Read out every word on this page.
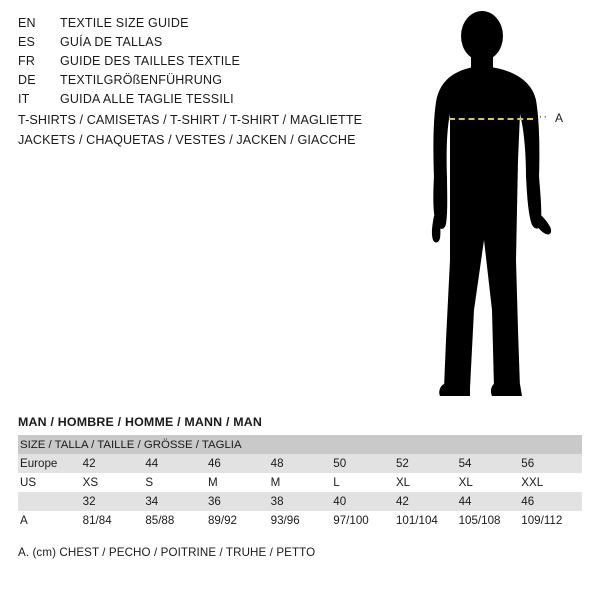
EN	TEXTILE SIZE GUIDE
ES	GUÍA DE TALLAS
FR	GUIDE DES TAILLES TEXTILE
DE	TEXTILGRÖßENFÜHRUNG
IT	GUIDA ALLE TAGLIE TESSILI
T-SHIRTS / CAMISETAS / T-SHIRT / T-SHIRT / MAGLIETTE
JACKETS / CHAQUETAS / VESTES / JACKEN / GIACCHE
··· A
MAN / HOMBRE / HOMME / MANN / MAN
SIZE / TALLA / TAILLE / GRÖSSE / TAGLIA								
Europe	42	44	46	48	50	52	54	56
US	XS	S	M	M	L	XL	XL	XXL
	32	34	36	38	40	42	44	46
A	81/84	85/88	89/92	93/96	97/100	101/104	105/108	109/112
A. (cm) CHEST / PECHO / POITRINE / TRUHE / PETTO
